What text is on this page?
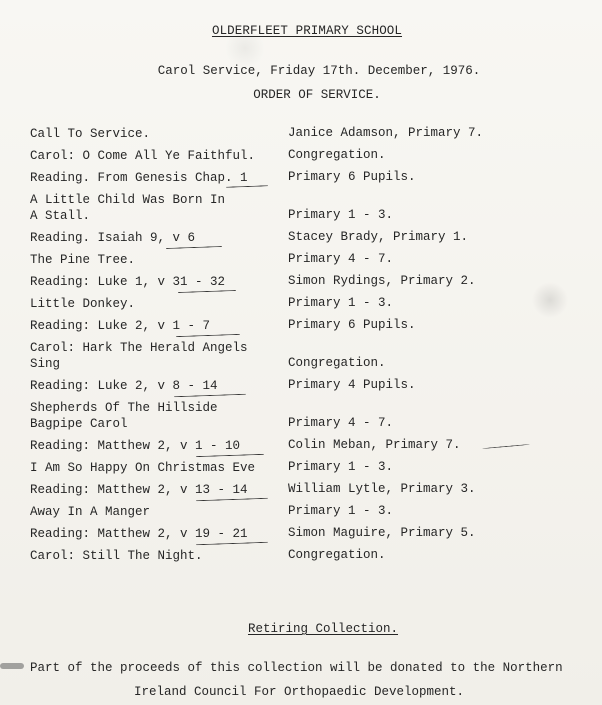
OLDERFLEET PRIMARY SCHOOL
Carol Service, Friday 17th. December, 1976.
ORDER OF SERVICE.
Call To Service.	Janice Adamson, Primary 7.
Carol: O Come All Ye Faithful.	Congregation.
Reading. From Genesis Chap. 1	Primary 6 Pupils.
A Little Child Was Born In
A Stall.	Primary 1 - 3.
Reading. Isaiah 9, v 6	Stacey Brady, Primary 1.
The Pine Tree.	Primary 4 - 7.
Reading: Luke 1, v 31 - 32	Simon Rydings, Primary 2.
Little Donkey.	Primary 1 - 3.
Reading: Luke 2, v 1 - 7	Primary 6 Pupils.
Carol: Hark The Herald Angels
Sing	Congregation.
Reading: Luke 2, v 8 - 14	Primary 4 Pupils.
Shepherds Of The Hillside
Bagpipe Carol	Primary 4 - 7.
Reading: Matthew 2, v 1 - 10	Colin Meban, Primary 7.
I Am So Happy On Christmas Eve	Primary 1 - 3.
Reading: Matthew 2, v 13 - 14	William Lytle, Primary 3.
Away In A Manger	Primary 1 - 3.
Reading: Matthew 2, v 19 - 21	Simon Maguire, Primary 5.
Carol: Still The Night.	Congregation.
Retiring Collection.
Part of the proceeds of this collection will be donated to the Northern
Ireland Council For Orthopaedic Development.
